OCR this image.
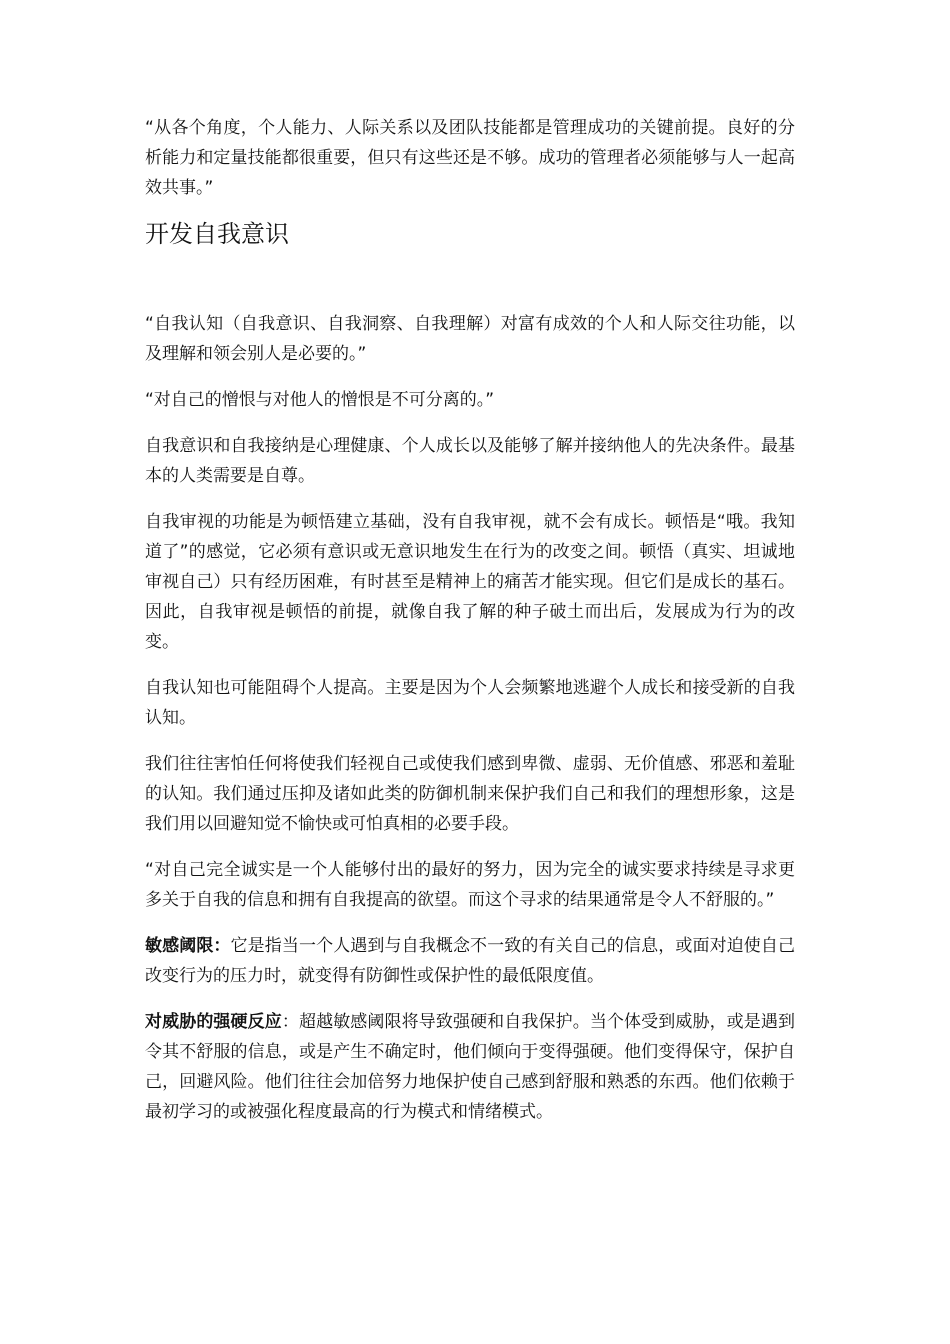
“从各个角度，个人能力、人际关系以及团队技能都是管理成功的关键前提。良好的分析能力和定量技能都很重要，但只有这些还是不够。成功的管理者必须能够与人一起高效共事。”

开发自我意识

“自我认知（自我意识、自我洞察、自我理解）对富有成效的个人和人际交往功能，以及理解和领会别人是必要的。”

“对自己的憎恨与对他人的憎恨是不可分离的。”

自我意识和自我接纳是心理健康、个人成长以及能够了解并接纳他人的先决条件。最基本的人类需要是自尊。

自我审视的功能是为顿悟建立基础，没有自我审视，就不会有成长。顿悟是“哦。我知道了”的感觉，它必须有意识或无意识地发生在行为的改变之间。顿悟（真实、坦诚地审视自己）只有经历困难，有时甚至是精神上的痛苦才能实现。但它们是成长的基石。因此，自我审视是顿悟的前提，就像自我了解的种子破土而出后，发展成为行为的改变。

自我认知也可能阻碍个人提高。主要是因为个人会频繁地逃避个人成长和接受新的自我认知。

我们往往害怕任何将使我们轻视自己或使我们感到卑微、虚弱、无价值感、邪恶和羞耻的认知。我们通过压抑及诸如此类的防御机制来保护我们自己和我们的理想形象，这是我们用以回避知觉不愉快或可怕真相的必要手段。

“对自己完全诚实是一个人能够付出的最好的努力，因为完全的诚实要求持续是寻求更多关于自我的信息和拥有自我提高的欲望。而这个寻求的结果通常是令人不舒服的。”

敏感阈限：它是指当一个人遇到与自我概念不一致的有关自己的信息，或面对迫使自己改变行为的压力时，就变得有防御性或保护性的最低限度值。

对威胁的强硬反应：超越敏感阈限将导致强硬和自我保护。当个体受到威胁，或是遇到令其不舒服的信息，或是产生不确定时，他们倾向于变得强硬。他们变得保守，保护自己，回避风险。他们往往会加倍努力地保护使自己感到舒服和熟悉的东西。他们依赖于最初学习的或被强化程度最高的行为模式和情绪模式。
